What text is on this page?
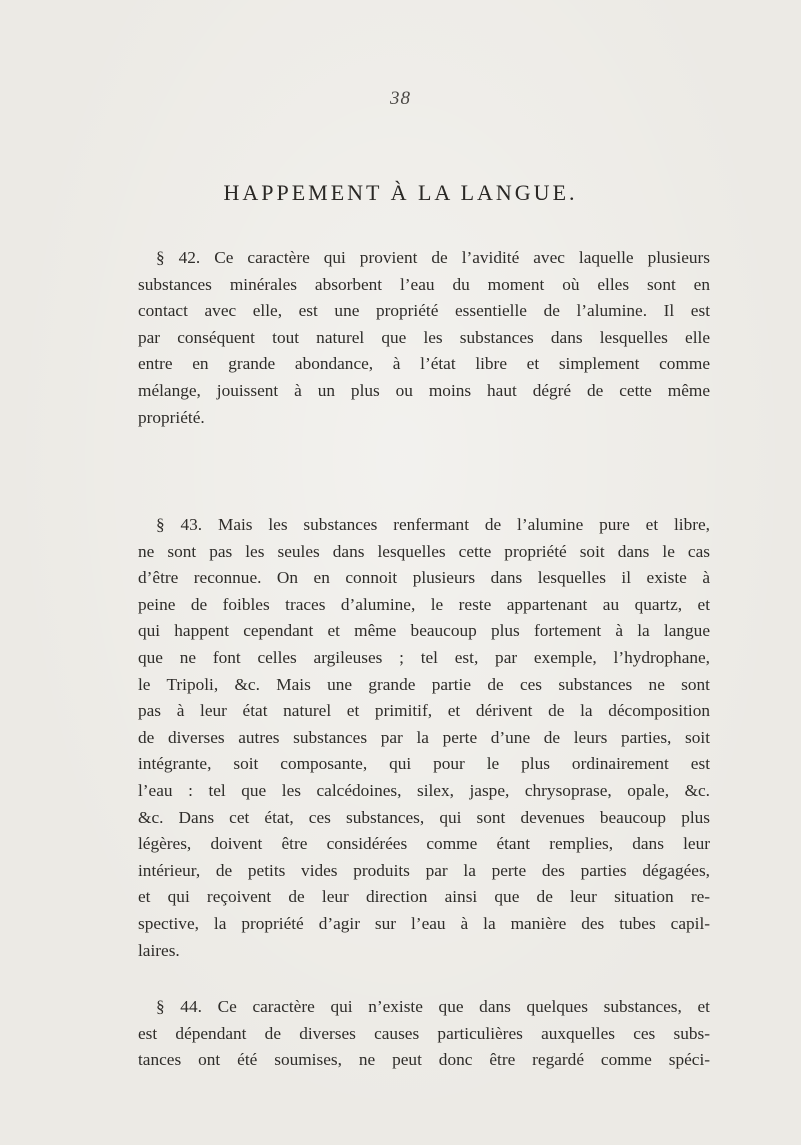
38
HAPPEMENT À LA LANGUE.
§ 42. Ce caractère qui provient de l’avidité avec laquelle plusieurs
substances minérales absorbent l’eau du moment où elles sont en
contact avec elle, est une propriété essentielle de l’alumine. Il est
par conséquent tout naturel que les substances dans lesquelles elle
entre en grande abondance, à l’état libre et simplement comme
mélange, jouissent à un plus ou moins haut dégré de cette même
propriété.
§ 43. Mais les substances renfermant de l’alumine pure et libre,
ne sont pas les seules dans lesquelles cette propriété soit dans le cas
d’être reconnue. On en connoit plusieurs dans lesquelles il existe à
peine de foibles traces d’alumine, le reste appartenant au quartz, et
qui happent cependant et même beaucoup plus fortement à la langue
que ne font celles argileuses ; tel est, par exemple, l’hydrophane,
le Tripoli, &c. Mais une grande partie de ces substances ne sont
pas à leur état naturel et primitif, et dérivent de la décomposition
de diverses autres substances par la perte d’une de leurs parties, soit
intégrante, soit composante, qui pour le plus ordinairement est
l’eau : tel que les calcédoines, silex, jaspe, chrysoprase, opale, &c.
&c. Dans cet état, ces substances, qui sont devenues beaucoup plus
légères, doivent être considérées comme étant remplies, dans leur
intérieur, de petits vides produits par la perte des parties dégagées,
et qui reçoivent de leur direction ainsi que de leur situation re-
spective, la propriété d’agir sur l’eau à la manière des tubes capil-
laires.
§ 44. Ce caractère qui n’existe que dans quelques substances, et
est dépendant de diverses causes particulières auxquelles ces subs-
tances ont été soumises, ne peut donc être regardé comme spéci-
